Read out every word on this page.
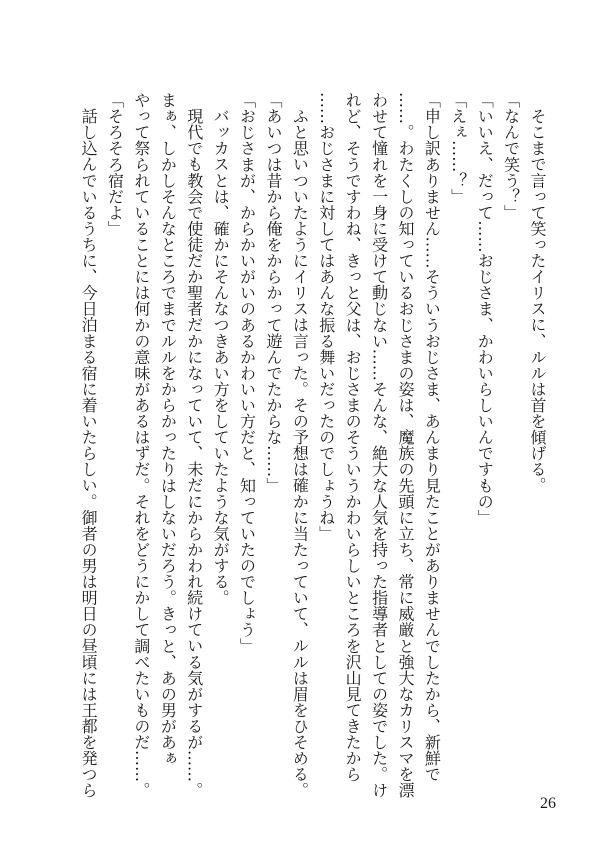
そこまで言って笑ったイリスに、ルルは首を傾げる。
「なんで笑う？」
「いいえ、だって……おじさま、かわいらしいんですもの」
「えぇ……？」
「申し訳ありません……そういうおじさま、あんまり見たことがありませんでしたから、新鮮で
……。わたくしの知っているおじさまの姿は、魔族の先頭に立ち、常に威厳と強大なカリスマを漂
わせて憧れを一身に受けて動じない……そんな、絶大な人気を持った指導者としての姿でした。け
れど、そうですわね、きっと父は、おじさまのそういうかわいらしいところを沢山見てきたから
……おじさまに対してはあんな振る舞いだったのでしょうね」
ふと思いついたようにイリスは言った。その予想は確かに当たっていて、ルルは眉をひそめる。
「あいつは昔から俺をからかって遊んでたからな……」
「おじさまが、からかいがいのあるかわいい方だと、知っていたのでしょう」
バッカスとは、確かにそんなつきあい方をしていたような気がする。
現代でも教会で使徒だか聖者だかになっていて、未だにからかわれ続けている気がするが……。
まぁ、しかしそんなところでまでルルをからかったりはしないだろう。きっと、あの男があぁ
やって祭られていることには何かの意味があるはずだ。それをどうにかして調べたいものだ……。
「そろそろ宿だよ」
話し込んでいるうちに、今日泊まる宿に着いたらしい。御者の男は明日の昼頃には王都を発つら
26
